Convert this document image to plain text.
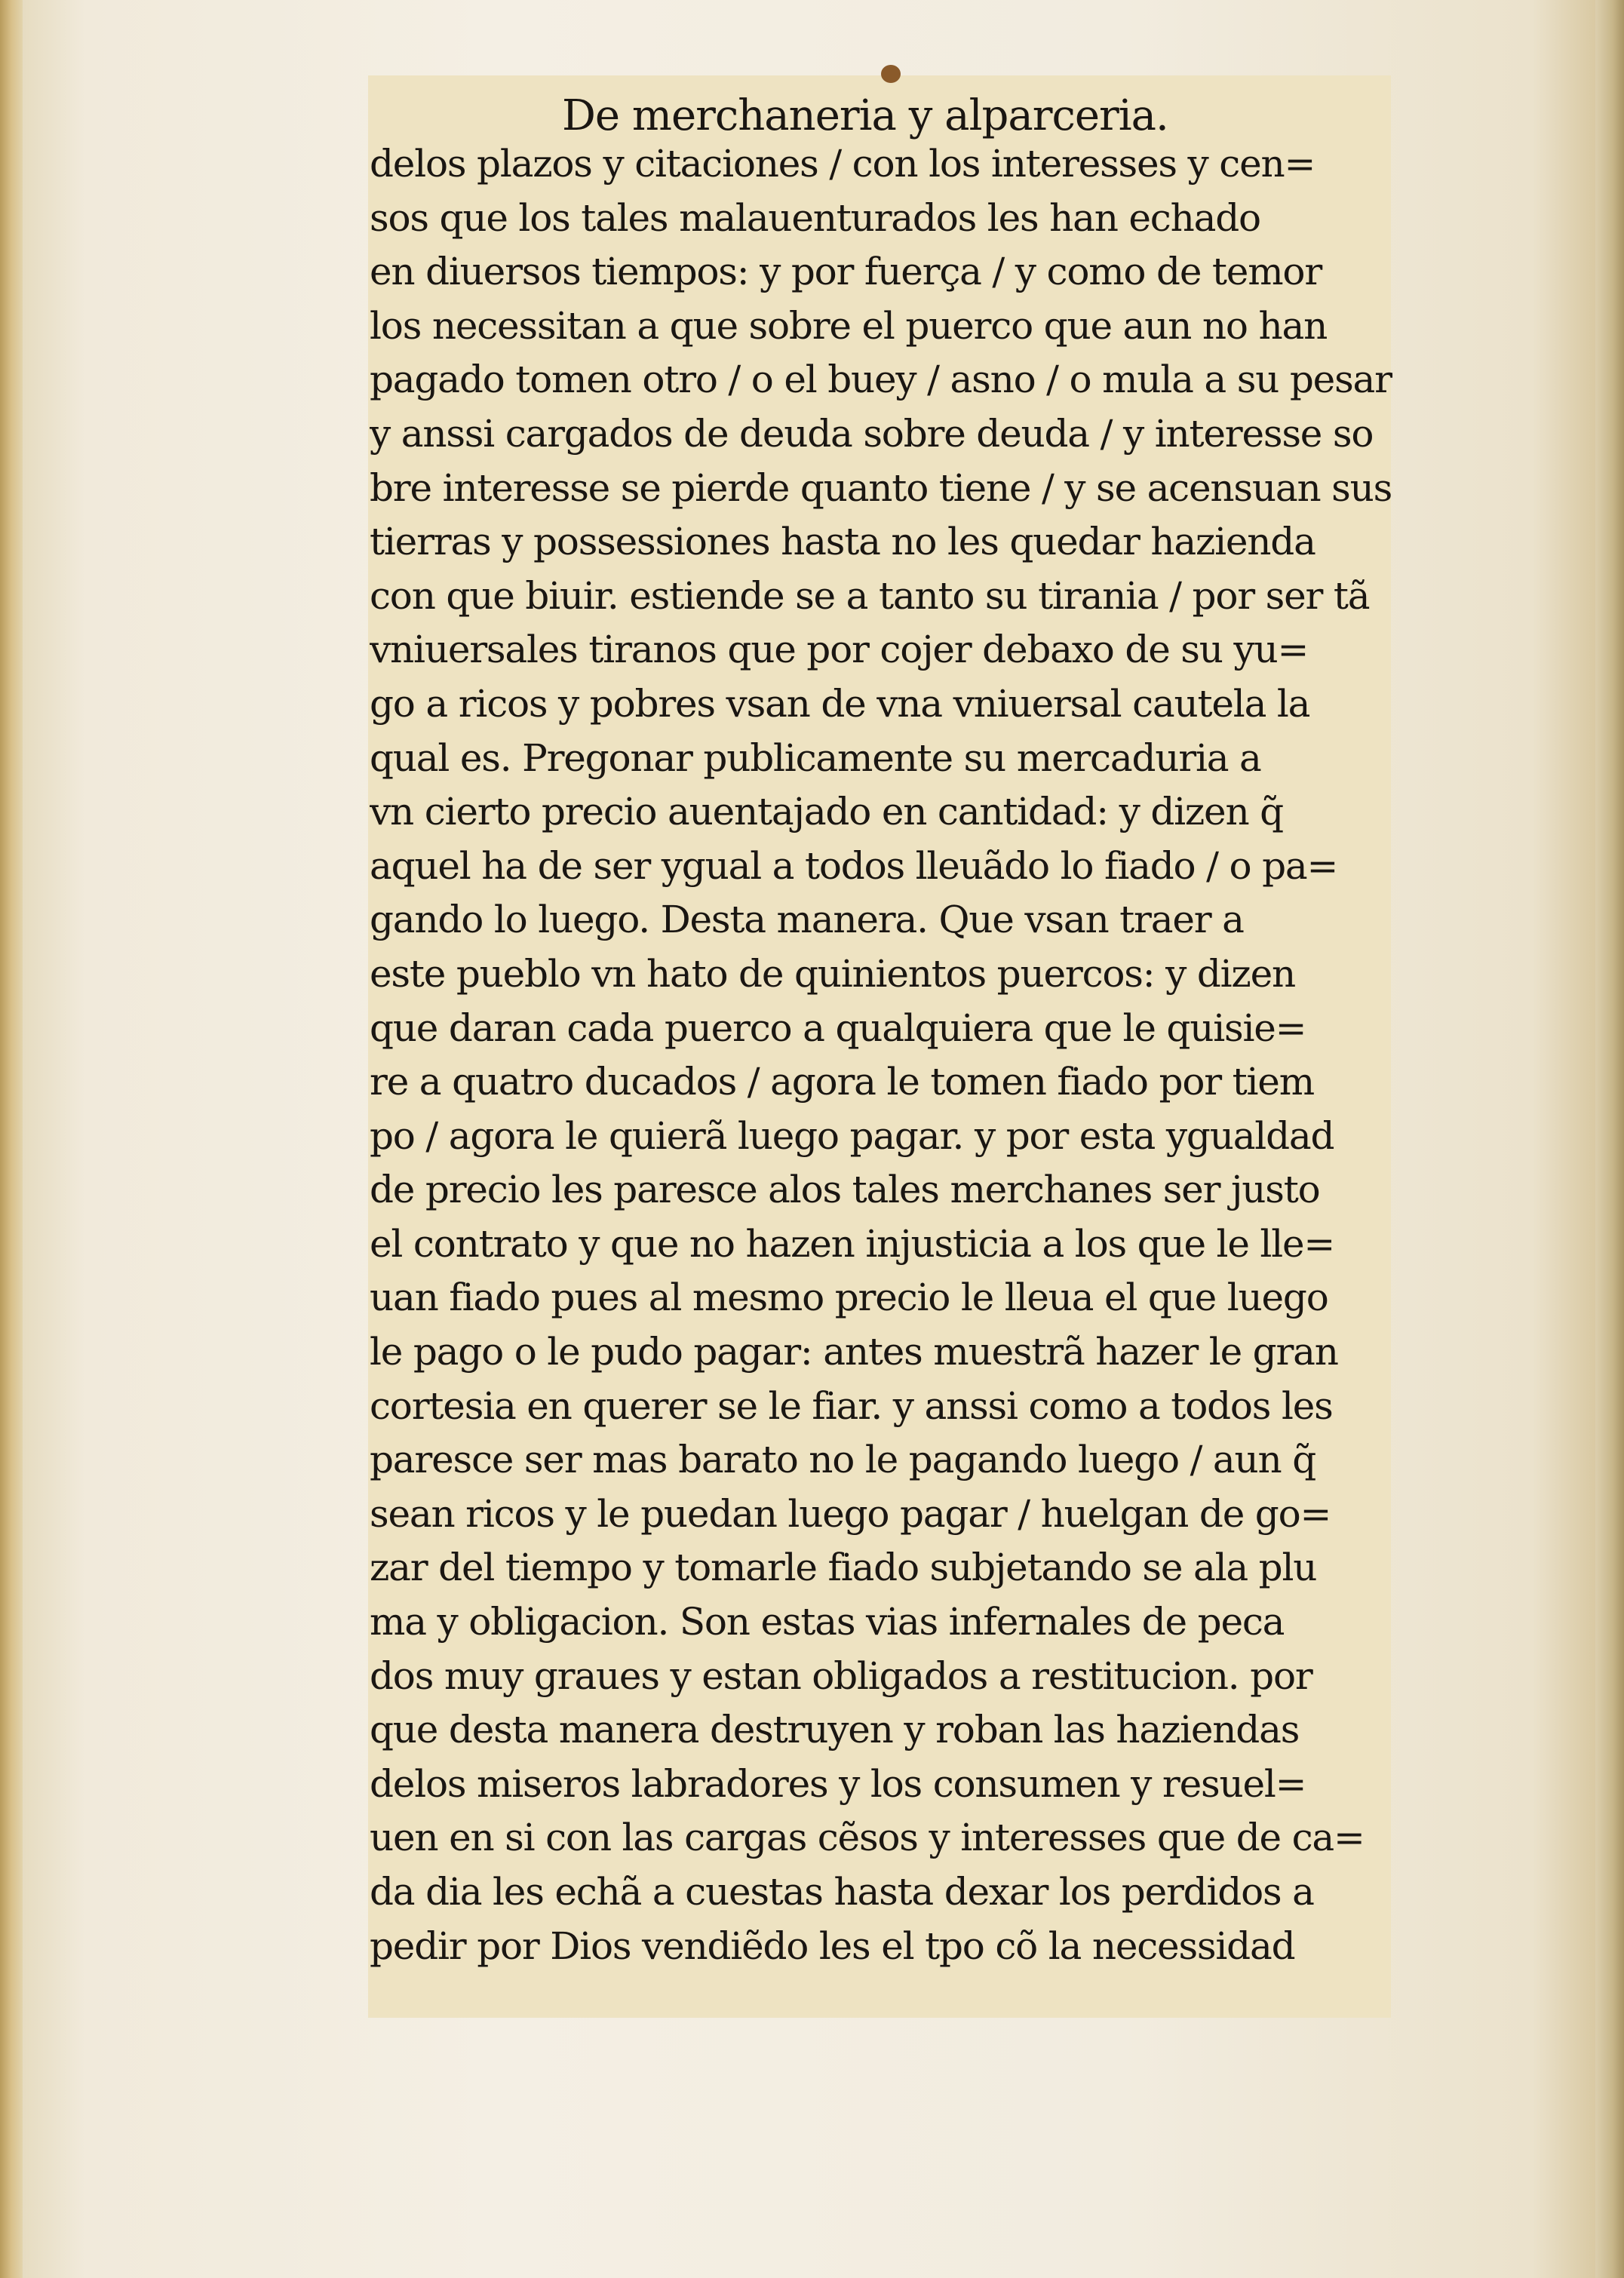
De merchaneria y alparceria.
delos plazos y citaciones / con los interesses y cen=
sos que los tales malauenturados les han echado
en diuersos tiempos: y por fuerça / y como de temor
los necessitan a que sobre el puerco que aun no han
pagado tomen otro / o el buey / asno / o mula a su pesar
y anssi cargados de deuda sobre deuda / y interesse so
bre interesse se pierde quanto tiene / y se acensuan sus
tierras y possessiones hasta no les quedar hazienda
con que biuir. estiende se a tanto su tirania / por ser tã
vniuersales tiranos que por cojer debaxo de su yu=
go a ricos y pobres vsan de vna vniuersal cautela la
qual es. Pregonar publicamente su mercaduria a
vn cierto precio auentajado en cantidad: y dizen q̃
aquel ha de ser ygual a todos lleuãdo lo fiado / o pa=
gando lo luego. Desta manera. Que vsan traer a
este pueblo vn hato de quinientos puercos: y dizen
que daran cada puerco a qualquiera que le quisie=
re a quatro ducados / agora le tomen fiado por tiem
po / agora le quierã luego pagar. y por esta ygualdad
de precio les paresce alos tales merchanes ser justo
el contrato y que no hazen injusticia a los que le lle=
uan fiado pues al mesmo precio le lleua el que luego
le pago o le pudo pagar: antes muestrã hazer le gran
cortesia en querer se le fiar. y anssi como a todos les
paresce ser mas barato no le pagando luego / aun q̃
sean ricos y le puedan luego pagar / huelgan de go=
zar del tiempo y tomarle fiado subjetando se ala plu
ma y obligacion. Son estas vias infernales de peca
dos muy graues y estan obligados a restitucion. por
que desta manera destruyen y roban las haziendas
delos miseros labradores y los consumen y resuel=
uen en si con las cargas cẽsos y interesses que de ca=
da dia les echã a cuestas hasta dexar los perdidos a
pedir por Dios vendiẽdo les el tpo cõ la necessidad
